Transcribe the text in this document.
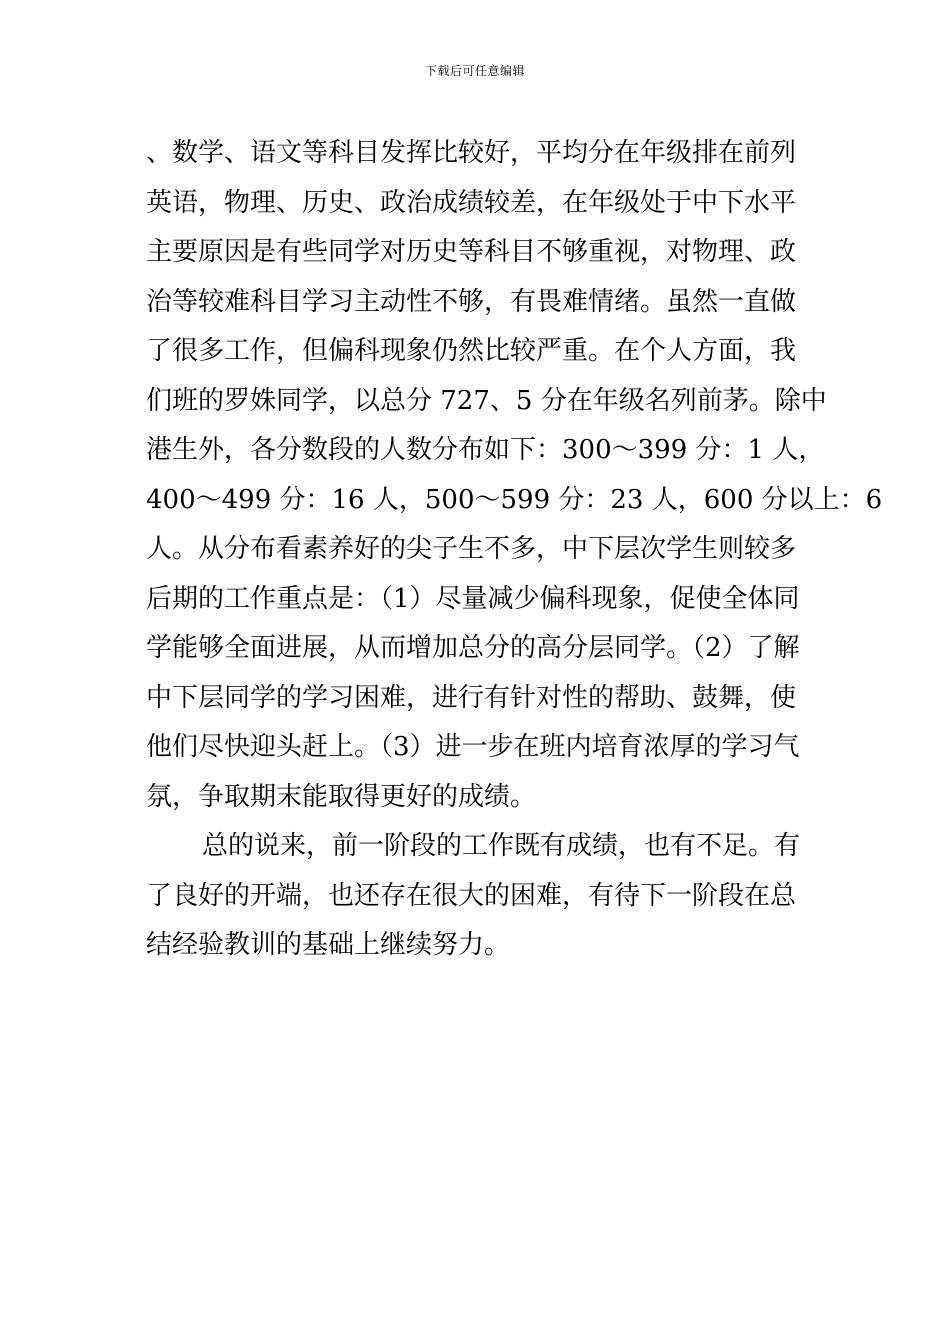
下载后可任意编辑
、数学、语文等科目发挥比较好，平均分在年级排在前列
英语，物理、历史、政治成绩较差，在年级处于中下水平
主要原因是有些同学对历史等科目不够重视，对物理、政
治等较难科目学习主动性不够，有畏难情绪。虽然一直做
了很多工作，但偏科现象仍然比较严重。在个人方面，我
们班的罗姝同学，以总分 727、5 分在年级名列前茅。除中
港生外，各分数段的人数分布如下：300～399 分：1 人，
400～499 分：16 人，500～599 分：23 人，600 分以上：6
人。从分布看素养好的尖子生不多，中下层次学生则较多
后期的工作重点是：（1）尽量减少偏科现象，促使全体同
学能够全面进展，从而增加总分的高分层同学。（2）了解
中下层同学的学习困难，进行有针对性的帮助、鼓舞，使
他们尽快迎头赶上。（3）进一步在班内培育浓厚的学习气
氛，争取期末能取得更好的成绩。
总的说来，前一阶段的工作既有成绩，也有不足。有
了良好的开端，也还存在很大的困难，有待下一阶段在总
结经验教训的基础上继续努力。
